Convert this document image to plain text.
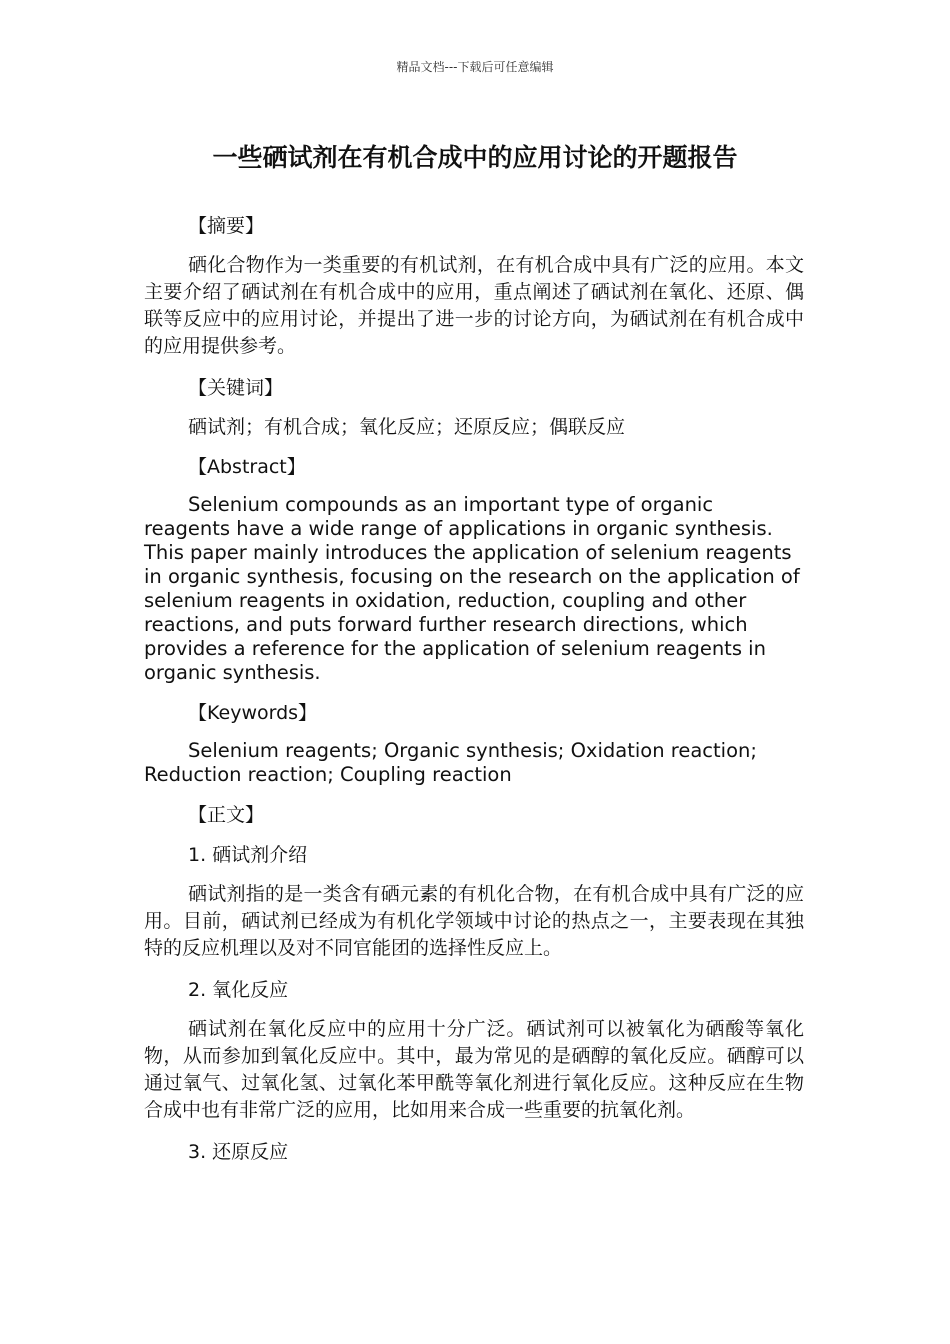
精品文档---下载后可任意编辑
一些硒试剂在有机合成中的应用讨论的开题报告

【摘要】

硒化合物作为一类重要的有机试剂，在有机合成中具有广泛的应用。本文主要介绍了硒试剂在有机合成中的应用，重点阐述了硒试剂在氧化、还原、偶联等反应中的应用讨论，并提出了进一步的讨论方向，为硒试剂在有机合成中的应用提供参考。

【关键词】

硒试剂；有机合成；氧化反应；还原反应；偶联反应

【Abstract】

Selenium compounds as an important type of organic reagents have a wide range of applications in organic synthesis. This paper mainly introduces the application of selenium reagents in organic synthesis, focusing on the research on the application of selenium reagents in oxidation, reduction, coupling and other reactions, and puts forward further research directions, which provides a reference for the application of selenium reagents in organic synthesis.

【Keywords】

Selenium reagents; Organic synthesis; Oxidation reaction; Reduction reaction; Coupling reaction

【正文】

1. 硒试剂介绍

硒试剂指的是一类含有硒元素的有机化合物，在有机合成中具有广泛的应用。目前，硒试剂已经成为有机化学领域中讨论的热点之一，主要表现在其独特的反应机理以及对不同官能团的选择性反应上。

2. 氧化反应

硒试剂在氧化反应中的应用十分广泛。硒试剂可以被氧化为硒酸等氧化物，从而参加到氧化反应中。其中，最为常见的是硒醇的氧化反应。硒醇可以通过氧气、过氧化氢、过氧化苯甲酰等氧化剂进行氧化反应。这种反应在生物合成中也有非常广泛的应用，比如用来合成一些重要的抗氧化剂。

3. 还原反应
